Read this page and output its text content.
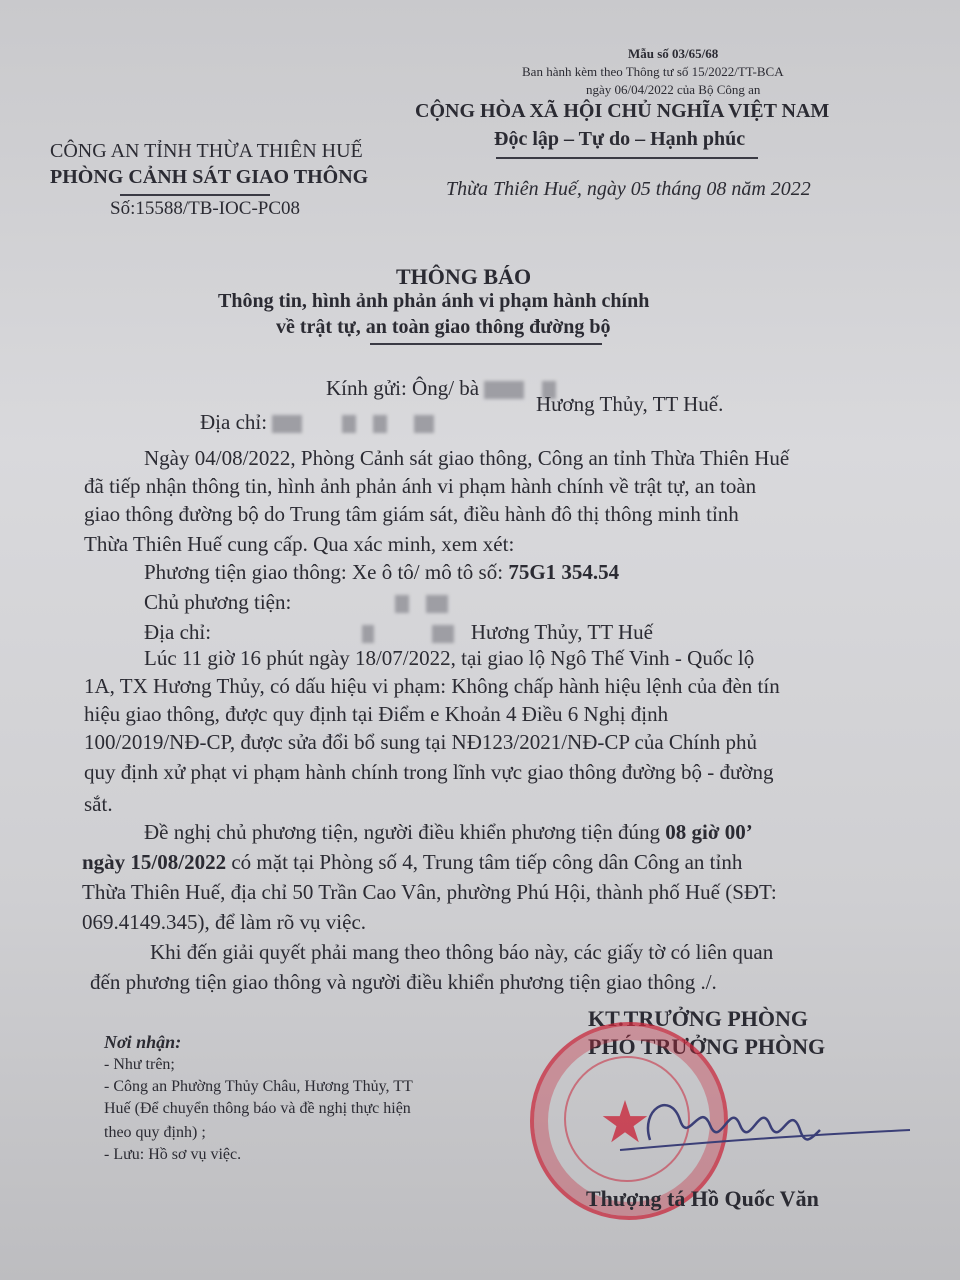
Mẫu số 03/65/68
Ban hành kèm theo Thông tư số 15/2022/TT-BCA
ngày 06/04/2022 của Bộ Công an
CÔNG AN TỈNH THỪA THIÊN HUẾ
PHÒNG CẢNH SÁT GIAO THÔNG
Số:15588/TB-IOC-PC08
CỘNG HÒA XÃ HỘI CHỦ NGHĨA VIỆT NAM
Độc lập – Tự do – Hạnh phúc
Thừa Thiên Huế, ngày 05 tháng 08 năm 2022
THÔNG BÁO
Thông tin, hình ảnh phản ánh vi phạm hành chính
về trật tự, an toàn giao thông đường bộ
Kính gửi: Ông/ bà
Địa chỉ:
Hương Thủy, TT Huế.
Ngày 04/08/2022, Phòng Cảnh sát giao thông, Công an tỉnh Thừa Thiên Huế
đã tiếp nhận thông tin, hình ảnh phản ánh vi phạm hành chính về trật tự, an toàn
giao thông đường bộ do Trung tâm giám sát, điều hành đô thị thông minh tỉnh
Thừa Thiên Huế cung cấp. Qua xác minh, xem xét:
Phương tiện giao thông: Xe ô tô/ mô tô số: 75G1 354.54
Chủ phương tiện:
Địa chỉ:	Hương Thủy, TT Huế
Lúc 11 giờ 16 phút ngày 18/07/2022, tại giao lộ Ngô Thế Vinh - Quốc lộ
1A, TX Hương Thủy, có dấu hiệu vi phạm: Không chấp hành hiệu lệnh của đèn tín
hiệu giao thông, được quy định tại Điểm e Khoản 4 Điều 6 Nghị định
100/2019/NĐ-CP, được sửa đổi bổ sung tại NĐ123/2021/NĐ-CP của Chính phủ
quy định xử phạt vi phạm hành chính trong lĩnh vực giao thông đường bộ - đường
sắt.
Đề nghị chủ phương tiện, người điều khiển phương tiện đúng 08 giờ 00’
ngày 15/08/2022 có mặt tại Phòng số 4, Trung tâm tiếp công dân Công an tỉnh
Thừa Thiên Huế, địa chỉ 50 Trần Cao Vân, phường Phú Hội, thành phố Huế (SĐT:
069.4149.345), để làm rõ vụ việc.
Khi đến giải quyết phải mang theo thông báo này, các giấy tờ có liên quan
đến phương tiện giao thông và người điều khiển phương tiện giao thông ./.
Nơi nhận:
- Như trên;
- Công an Phường Thủy Châu, Hương Thủy, TT
Huế (Để chuyển thông báo và đề nghị thực hiện
theo quy định) ;
- Lưu: Hồ sơ vụ việc.
KT.TRƯỞNG PHÒNG
PHÓ TRƯỞNG PHÒNG
★
Thượng tá Hồ Quốc Văn
